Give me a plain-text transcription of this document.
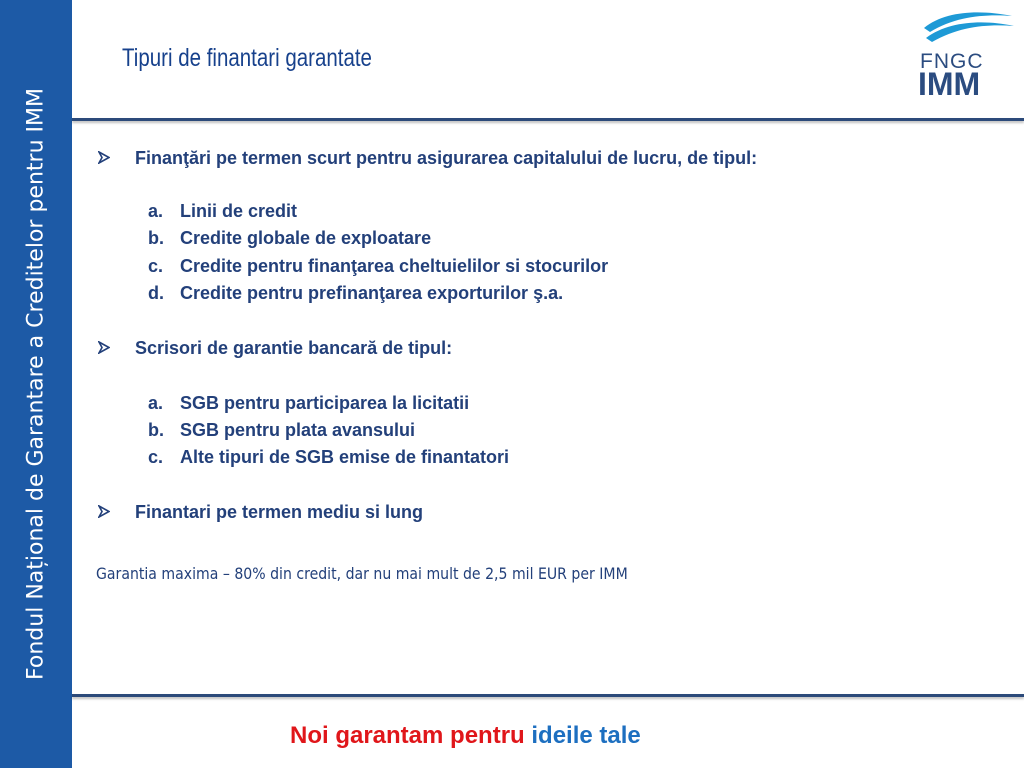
Fondul Național de Garantare a Creditelor pentru IMM
Tipuri de finantari garantate	FNGC
IMM
Finanţări pe termen scurt pentru asigurarea capitalului de lucru, de tipul:
a. Linii de credit
b. Credite globale de exploatare
c. Credite pentru finanţarea cheltuielilor si stocurilor
d. Credite pentru prefinanţarea exporturilor ş.a.
Scrisori de garantie bancară de tipul:
a. SGB pentru participarea la licitatii
b. SGB pentru plata avansului
c. Alte tipuri de SGB emise de finantatori
Finantari pe termen mediu si lung
Garantia maxima – 80% din credit, dar nu mai mult de 2,5 mil EUR per IMM
Noi garantam pentru ideile tale
